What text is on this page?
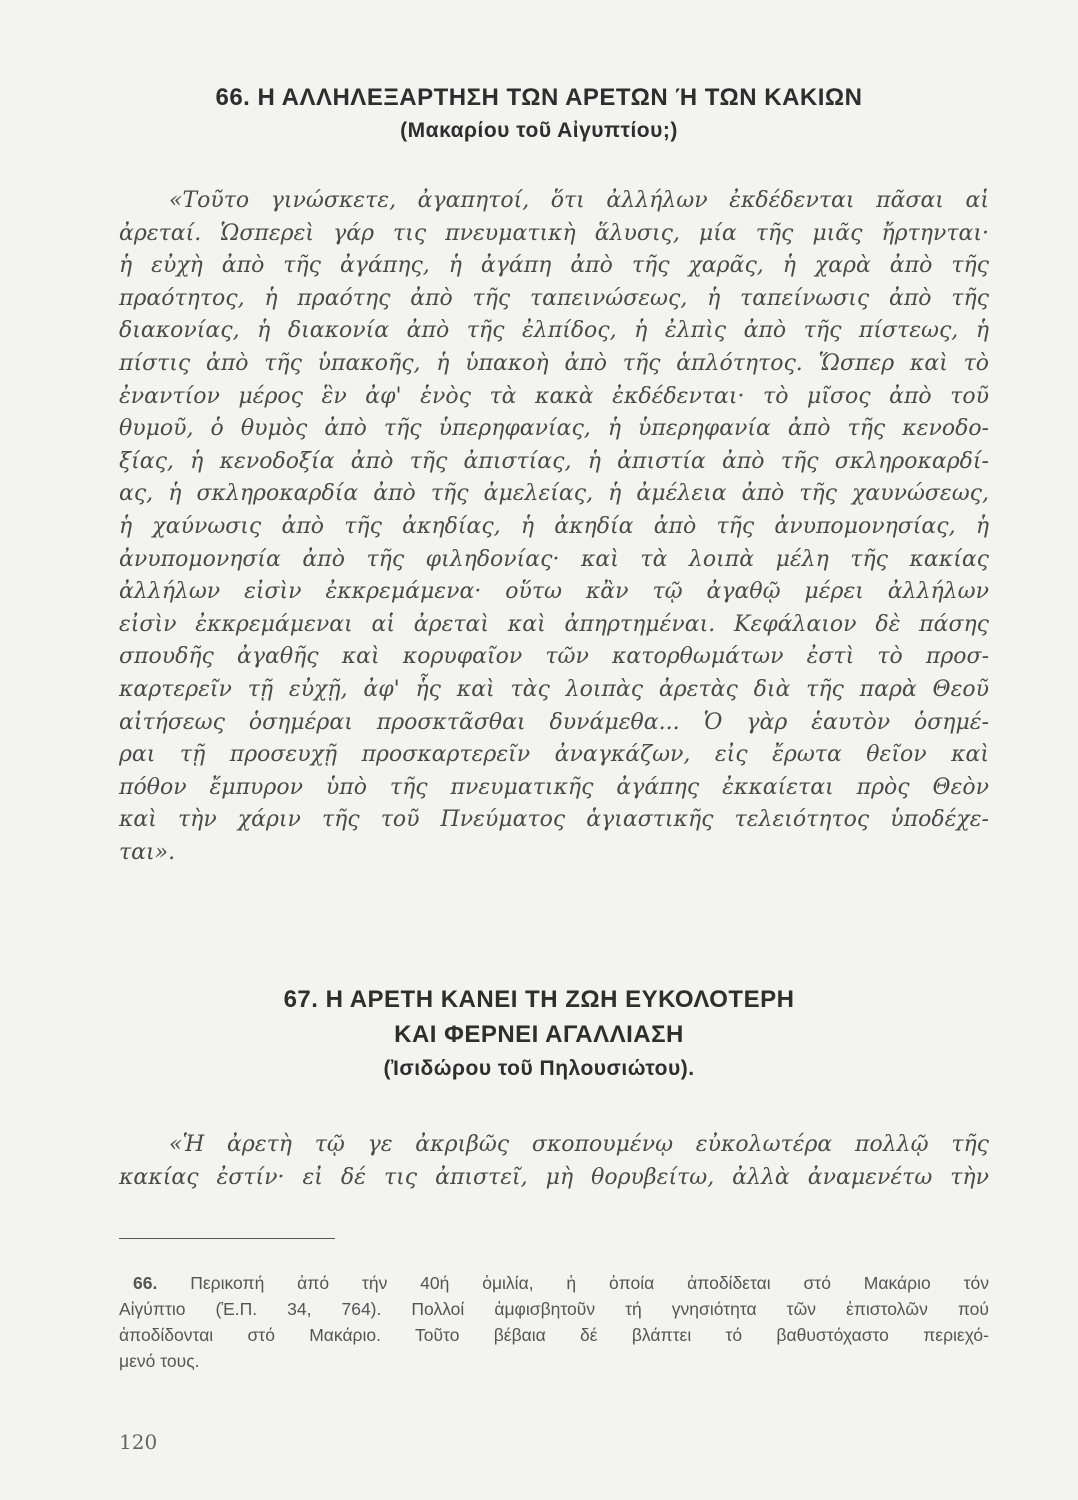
66. Η ΑΛΛΗΛΕΞΑΡΤΗΣΗ ΤΩΝ ΑΡΕΤΩΝ Ή ΤΩΝ ΚΑΚΙΩΝ
(Μακαρίου τοῦ Αἰγυπτίου;)
«Τοῦτο γινώσκετε, ἀγαπητοί, ὅτι ἀλλήλων ἐκδέδενται πᾶσαι αἱ
ἀρεταί. Ὡσπερεὶ γάρ τις πνευματικὴ ἅλυσις, μία τῆς μιᾶς ἤρτηνται·
ἡ εὐχὴ ἀπὸ τῆς ἀγάπης, ἡ ἀγάπη ἀπὸ τῆς χαρᾶς, ἡ χαρὰ ἀπὸ τῆς
πραότητος, ἡ πραότης ἀπὸ τῆς ταπεινώσεως, ἡ ταπείνωσις ἀπὸ τῆς
διακονίας, ἡ διακονία ἀπὸ τῆς ἐλπίδος, ἡ ἐλπὶς ἀπὸ τῆς πίστεως, ἡ
πίστις ἀπὸ τῆς ὑπακοῆς, ἡ ὑπακοὴ ἀπὸ τῆς ἁπλότητος. Ὥσπερ καὶ τὸ
ἐναντίον μέρος ἓν ἀφ' ἑνὸς τὰ κακὰ ἐκδέδενται· τὸ μῖσος ἀπὸ τοῦ
θυμοῦ, ὁ θυμὸς ἀπὸ τῆς ὑπερηφανίας, ἡ ὑπερηφανία ἀπὸ τῆς κενοδο-
ξίας, ἡ κενοδοξία ἀπὸ τῆς ἀπιστίας, ἡ ἀπιστία ἀπὸ τῆς σκληροκαρδί-
ας, ἡ σκληροκαρδία ἀπὸ τῆς ἀμελείας, ἡ ἀμέλεια ἀπὸ τῆς χαυνώσεως,
ἡ χαύνωσις ἀπὸ τῆς ἀκηδίας, ἡ ἀκηδία ἀπὸ τῆς ἀνυπομονησίας, ἡ
ἀνυπομονησία ἀπὸ τῆς φιληδονίας· καὶ τὰ λοιπὰ μέλη τῆς κακίας
ἀλλήλων εἰσὶν ἐκκρεμάμενα· οὕτω κἂν τῷ ἀγαθῷ μέρει ἀλλήλων
εἰσὶν ἐκκρεμάμεναι αἱ ἀρεταὶ καὶ ἀπηρτημέναι. Κεφάλαιον δὲ πάσης
σπουδῆς ἀγαθῆς καὶ κορυφαῖον τῶν κατορθωμάτων ἐστὶ τὸ προσ-
καρτερεῖν τῇ εὐχῇ, ἀφ' ἧς καὶ τὰς λοιπὰς ἀρετὰς διὰ τῆς παρὰ Θεοῦ
αἰτήσεως ὁσημέραι προσκτᾶσθαι δυνάμεθα... Ὁ γὰρ ἑαυτὸν ὁσημέ-
ραι τῇ προσευχῇ προσκαρτερεῖν ἀναγκάζων, εἰς ἔρωτα θεῖον καὶ
πόθον ἔμπυρον ὑπὸ τῆς πνευματικῆς ἀγάπης ἐκκαίεται πρὸς Θεὸν
καὶ τὴν χάριν τῆς τοῦ Πνεύματος ἁγιαστικῆς τελειότητος ὑποδέχε-
ται».
67. Η ΑΡΕΤΗ ΚΑΝΕΙ ΤΗ ΖΩΗ ΕΥΚΟΛΟΤΕΡΗ
ΚΑΙ ΦΕΡΝΕΙ ΑΓΑΛΛΙΑΣΗ
(Ἰσιδώρου τοῦ Πηλουσιώτου).
«Ἡ ἀρετὴ τῷ γε ἀκριβῶς σκοπουμένῳ εὐκολωτέρα πολλῷ τῆς
κακίας ἐστίν· εἰ δέ τις ἀπιστεῖ, μὴ θορυβείτω, ἀλλὰ ἀναμενέτω τὴν
66. Περικοπή ἀπό τήν 40ή ὁμιλία, ἡ ὁποία ἀποδίδεται στό Μακάριο τόν
Αἰγύπτιο (Ἑ.Π. 34, 764). Πολλοί ἀμφισβητοῦν τή γνησιότητα τῶν ἐπιστολῶν πού
ἀποδίδονται στό Μακάριο. Τοῦτο βέβαια δέ βλάπτει τό βαθυστόχαστο περιεχό-
μενό τους.
120
